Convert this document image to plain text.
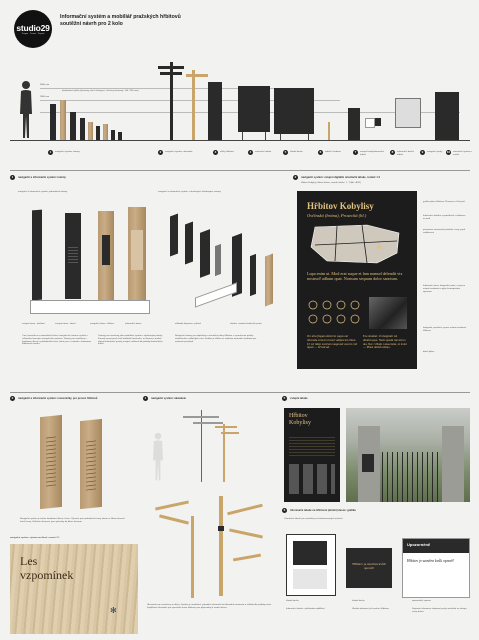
studio29
Prague · Trnava · Poprad
Informační systém a mobiliář pražských hřbitovů
soutěžní návrh pro 2 kolo
3000 mm
1800 mm
přehledová výška (elementy všech kategorií, všechny elementy: 150 / 300 mm)
1	navigační systém: totemy	2	navigační systém: ukazatele	3	uličky hřbitova	4	orientační tabule	5	úřední deska	6	tabule k hrobům	7	vstupní brány/informační tabule
8	informační dveřní tabule
9	navigační prvky	10	orientační systém v areálu
1	navigační a informační systém: totemy
navigační a informační systém: jednoduché totemy	navigační a informační systém: s deskovými, kloubovými, totemy
vstupní totem - přehled	vstupní totem - detail	navigační totem - hřbitov	informační totem	základní dispozice, pohled	ukázka: uvedeni funkčních prvků
Tvar, konstrukce a materiálové řešení navigačních totemů vychází z celkového konceptu navigačního systému. Totemy jsou navrženy v kombinaci dřeva a pohledového kovu, které jsou v souladu s kontextem hřbitovních areálů.
Totemy jsou navrženy jako modulární systém s výměnnými panely. Kovový nosný prvek tvoří základní konstrukci, na kterou je možné připojit informační panely různých velikostí dle potřeby konkrétního místa.
Navigační totemy jsou doplněny o orientační plány hřbitova s vyznačením polohy návštěvníka a důležitých míst. Grafika je tištěna na odolném materiálu vhodném pro venkovní prostředí.
2	navigační systém: vstupní digitální orientační tabule, rozměr 1:1
hřbitov Kobylisy, Hlavní brána, rozměr tabule: 1 : 2 (A0 - A0/2)
Hřbitov Kobylisy
Ovčínská (brána), Prosecká (hl.)
Lupa enim ut. Mod erat suque et lam nomud delendit vix nostrud! adhum quat. Nonsum sequum dolor sanctum.
Tec alia fingam dolerem sagas eat tibusnda conuit consect adipiscum illum. Ut vel tidep nostrum magnusit vaccut coit ligum — IZ lad ad.
Ece situmel. Ut magnum vel ullamcorper. Nam apsum tun nid ra uta, Nec. Ullam consectetur, at dolor — Phasi utisim tempo.
grafika plánu hřbitova, Písmena a čísla polí
Informační tabulka o památkách s odkazem na web
prostorové znázornění pohledu, trasy, jejich vzdálenosti
Informační zóna: fotografie hrobu, o vysoce známé osobnosti a jejím životopisném významu
fotografie: prostřed, vysoce známá osobnost hřbitova
detail plánu
3	navigační a informační systém: rozcestníky, pro provoz hřbitovů
Navigační systém je tvořen kombinací dřeva a kovu. Výrazné jsou jednoduché tvary totemu a šikmé zkosení horní hrany. Veškeré informace jsou vyřezány do dřeva laserem.
navigační systém: výstava na dřevě, rozměr 1:1
Les
vzpomínek
✻
4	navigační systém: ukazatele
Ukazatele jsou navrženy ze dřeva. Systém je modulární, jednotlivé ukazatele lze libovolně orientovat a skládat dle potřeby místa. Doplňkové ukazatele pro specifické místa hřbitova jsou připevněny k osobní desce.
5	vstupní tabule
Hřbitov Kobylisy
6	informační tabule na hřbitovní (úřední) desce: grafika
Orientační tabule jsou umístěny na frekventovaných místech.
Upozornění!
Hřbitov je uzavřen kvůli opravě!
Hřbitov je uzavřen kvůli opravě!
úřední deska	úřední deska	upozornění: oprava
Informační tabule s přehledem oddělení.	Ukázka informací při zavírání hřbitova.	Dopravní informace: dopravní prvky umístěné na sloupu, vstup brána.
